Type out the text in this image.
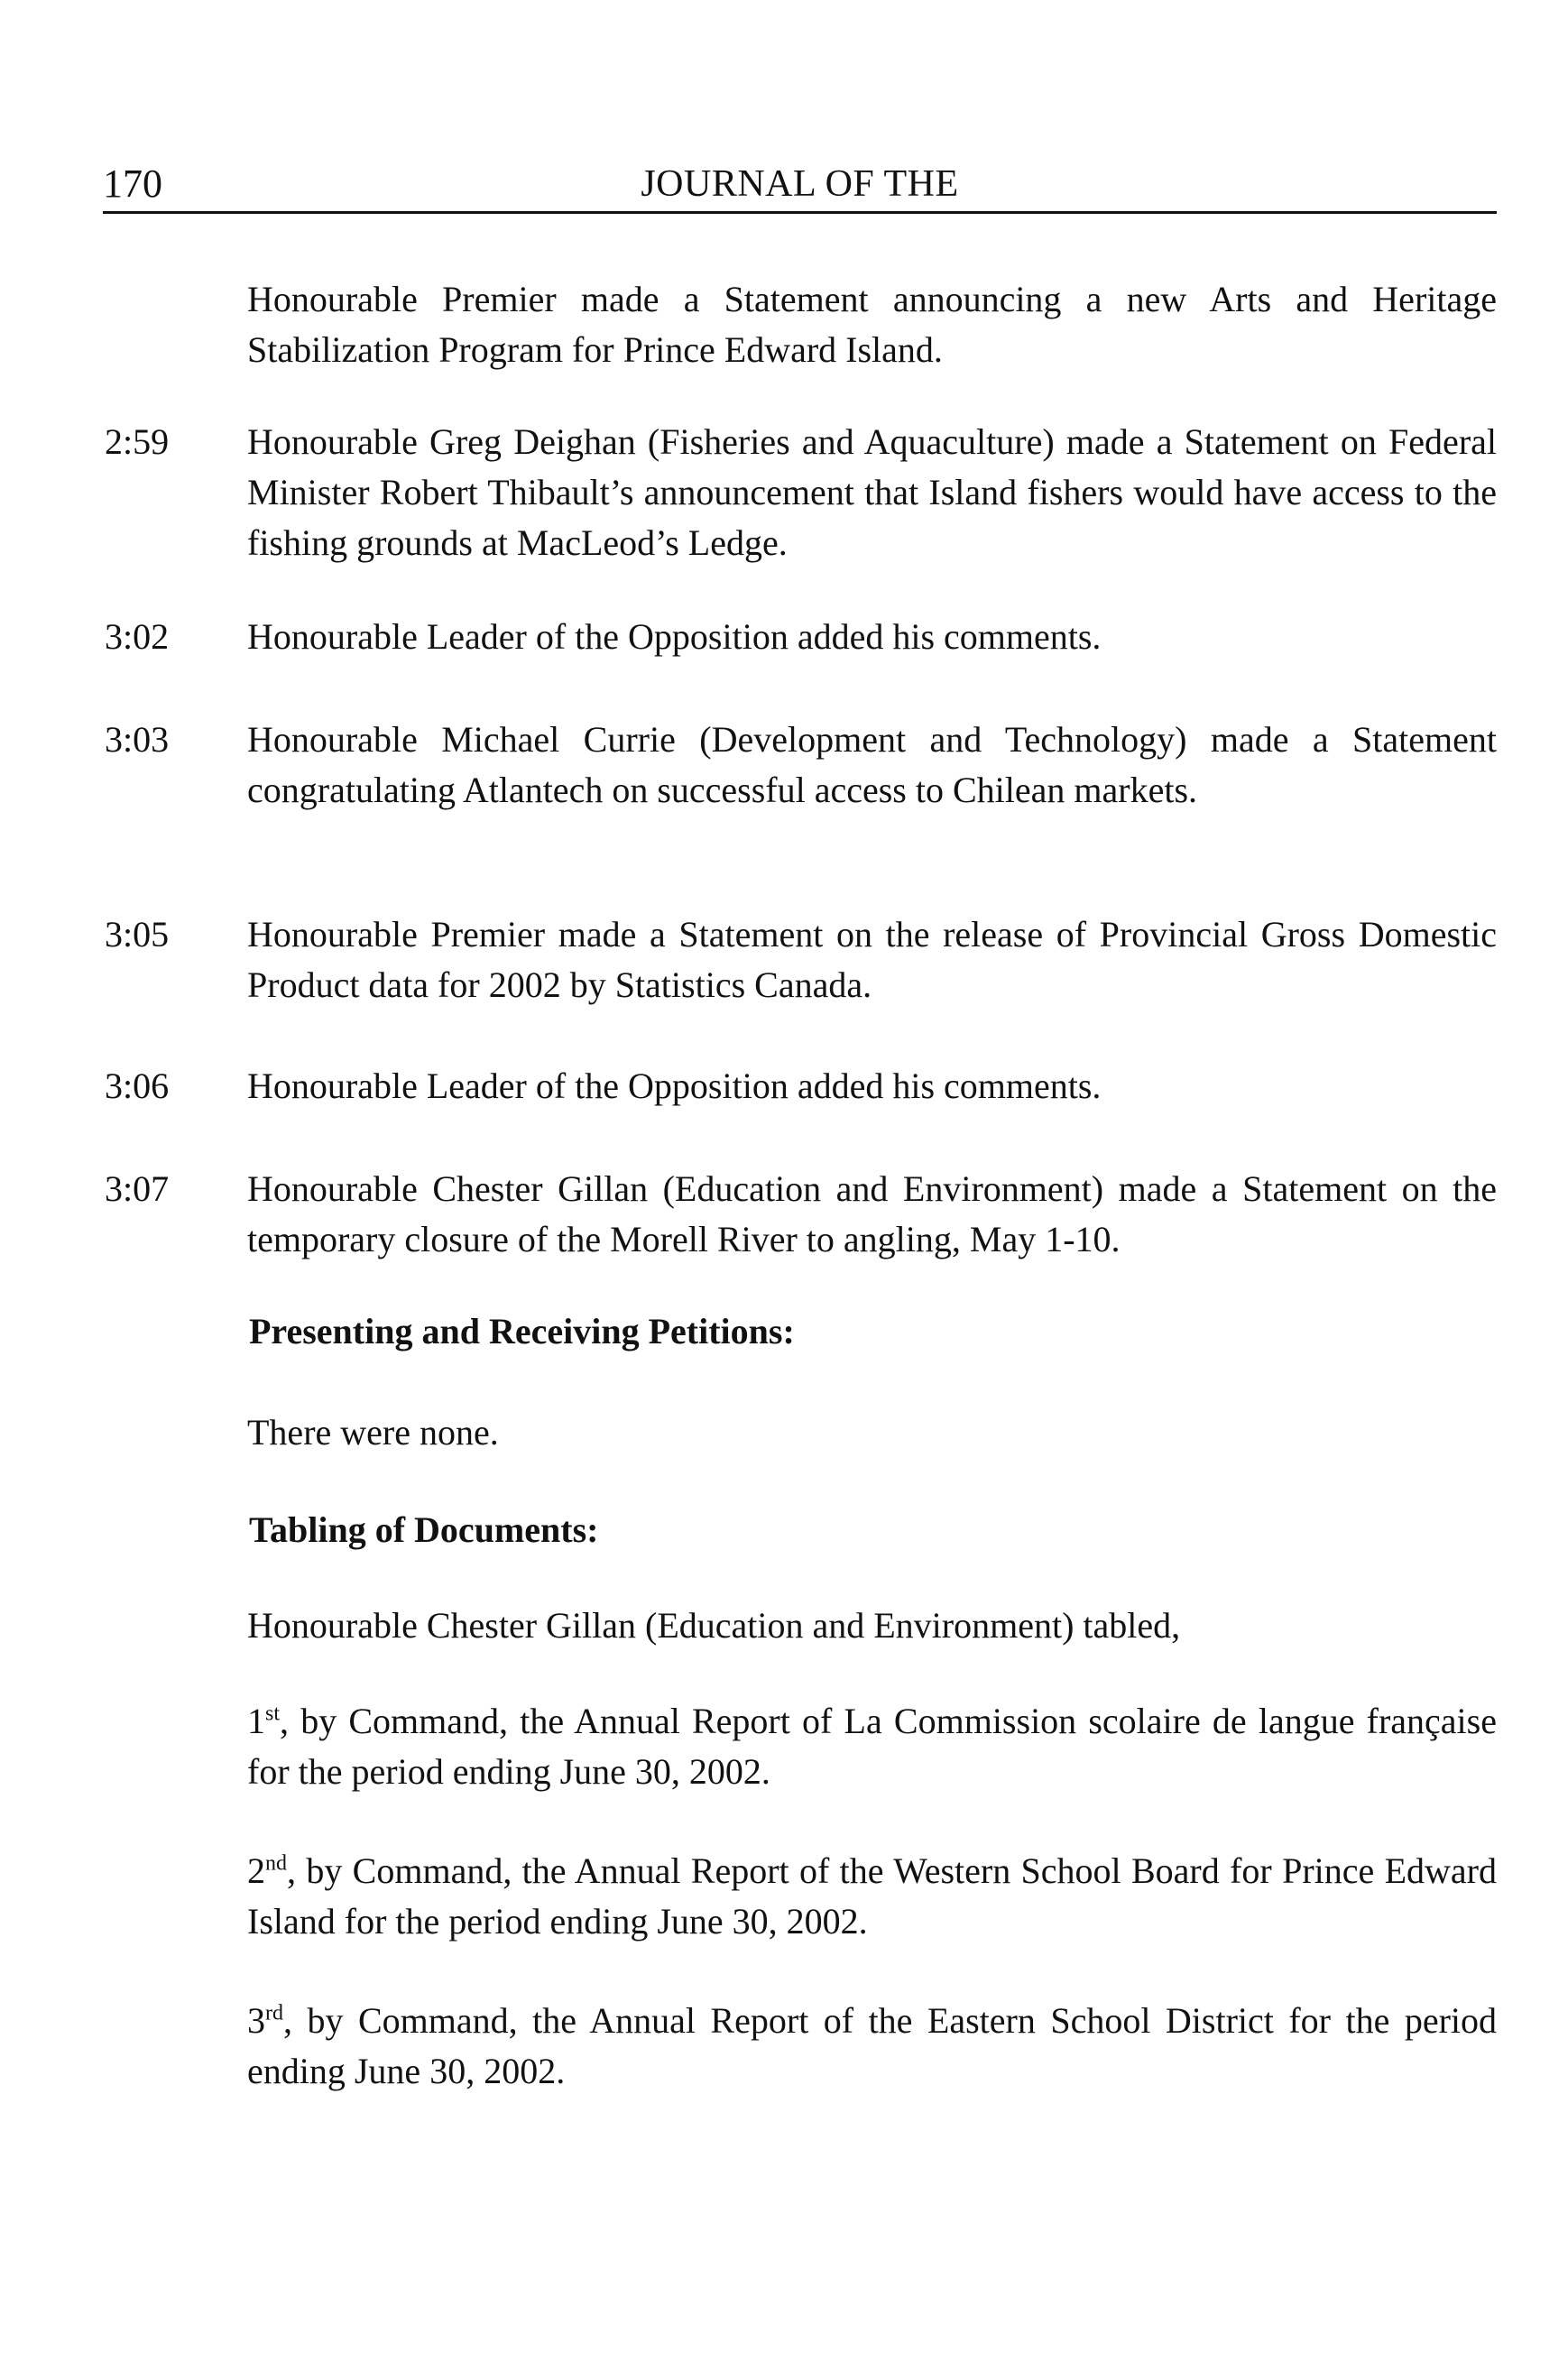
170	JOURNAL OF THE
Honourable Premier made a Statement announcing a new Arts and Heritage Stabilization Program for Prince Edward Island.
2:59	Honourable Greg Deighan (Fisheries and Aquaculture) made a Statement on Federal Minister Robert Thibault’s announcement that Island fishers would have access to the fishing grounds at MacLeod’s Ledge.
3:02	Honourable Leader of the Opposition added his comments.
3:03	Honourable Michael Currie (Development and Technology) made a Statement congratulating Atlantech on successful access to Chilean markets.
3:05	Honourable Premier made a Statement on the release of Provincial Gross Domestic Product data for 2002 by Statistics Canada.
3:06	Honourable Leader of the Opposition added his comments.
3:07	Honourable Chester Gillan (Education and Environment) made a Statement on the temporary closure of the Morell River to angling, May 1-10.
Presenting and Receiving Petitions:
There were none.
Tabling of Documents:
Honourable Chester Gillan (Education and Environment) tabled,
1st, by Command, the Annual Report of La Commission scolaire de langue française for the period ending June 30, 2002.
2nd, by Command, the Annual Report of the Western School Board for Prince Edward Island for the period ending June 30, 2002.
3rd, by Command, the Annual Report of the Eastern School District for the period ending June 30, 2002.
